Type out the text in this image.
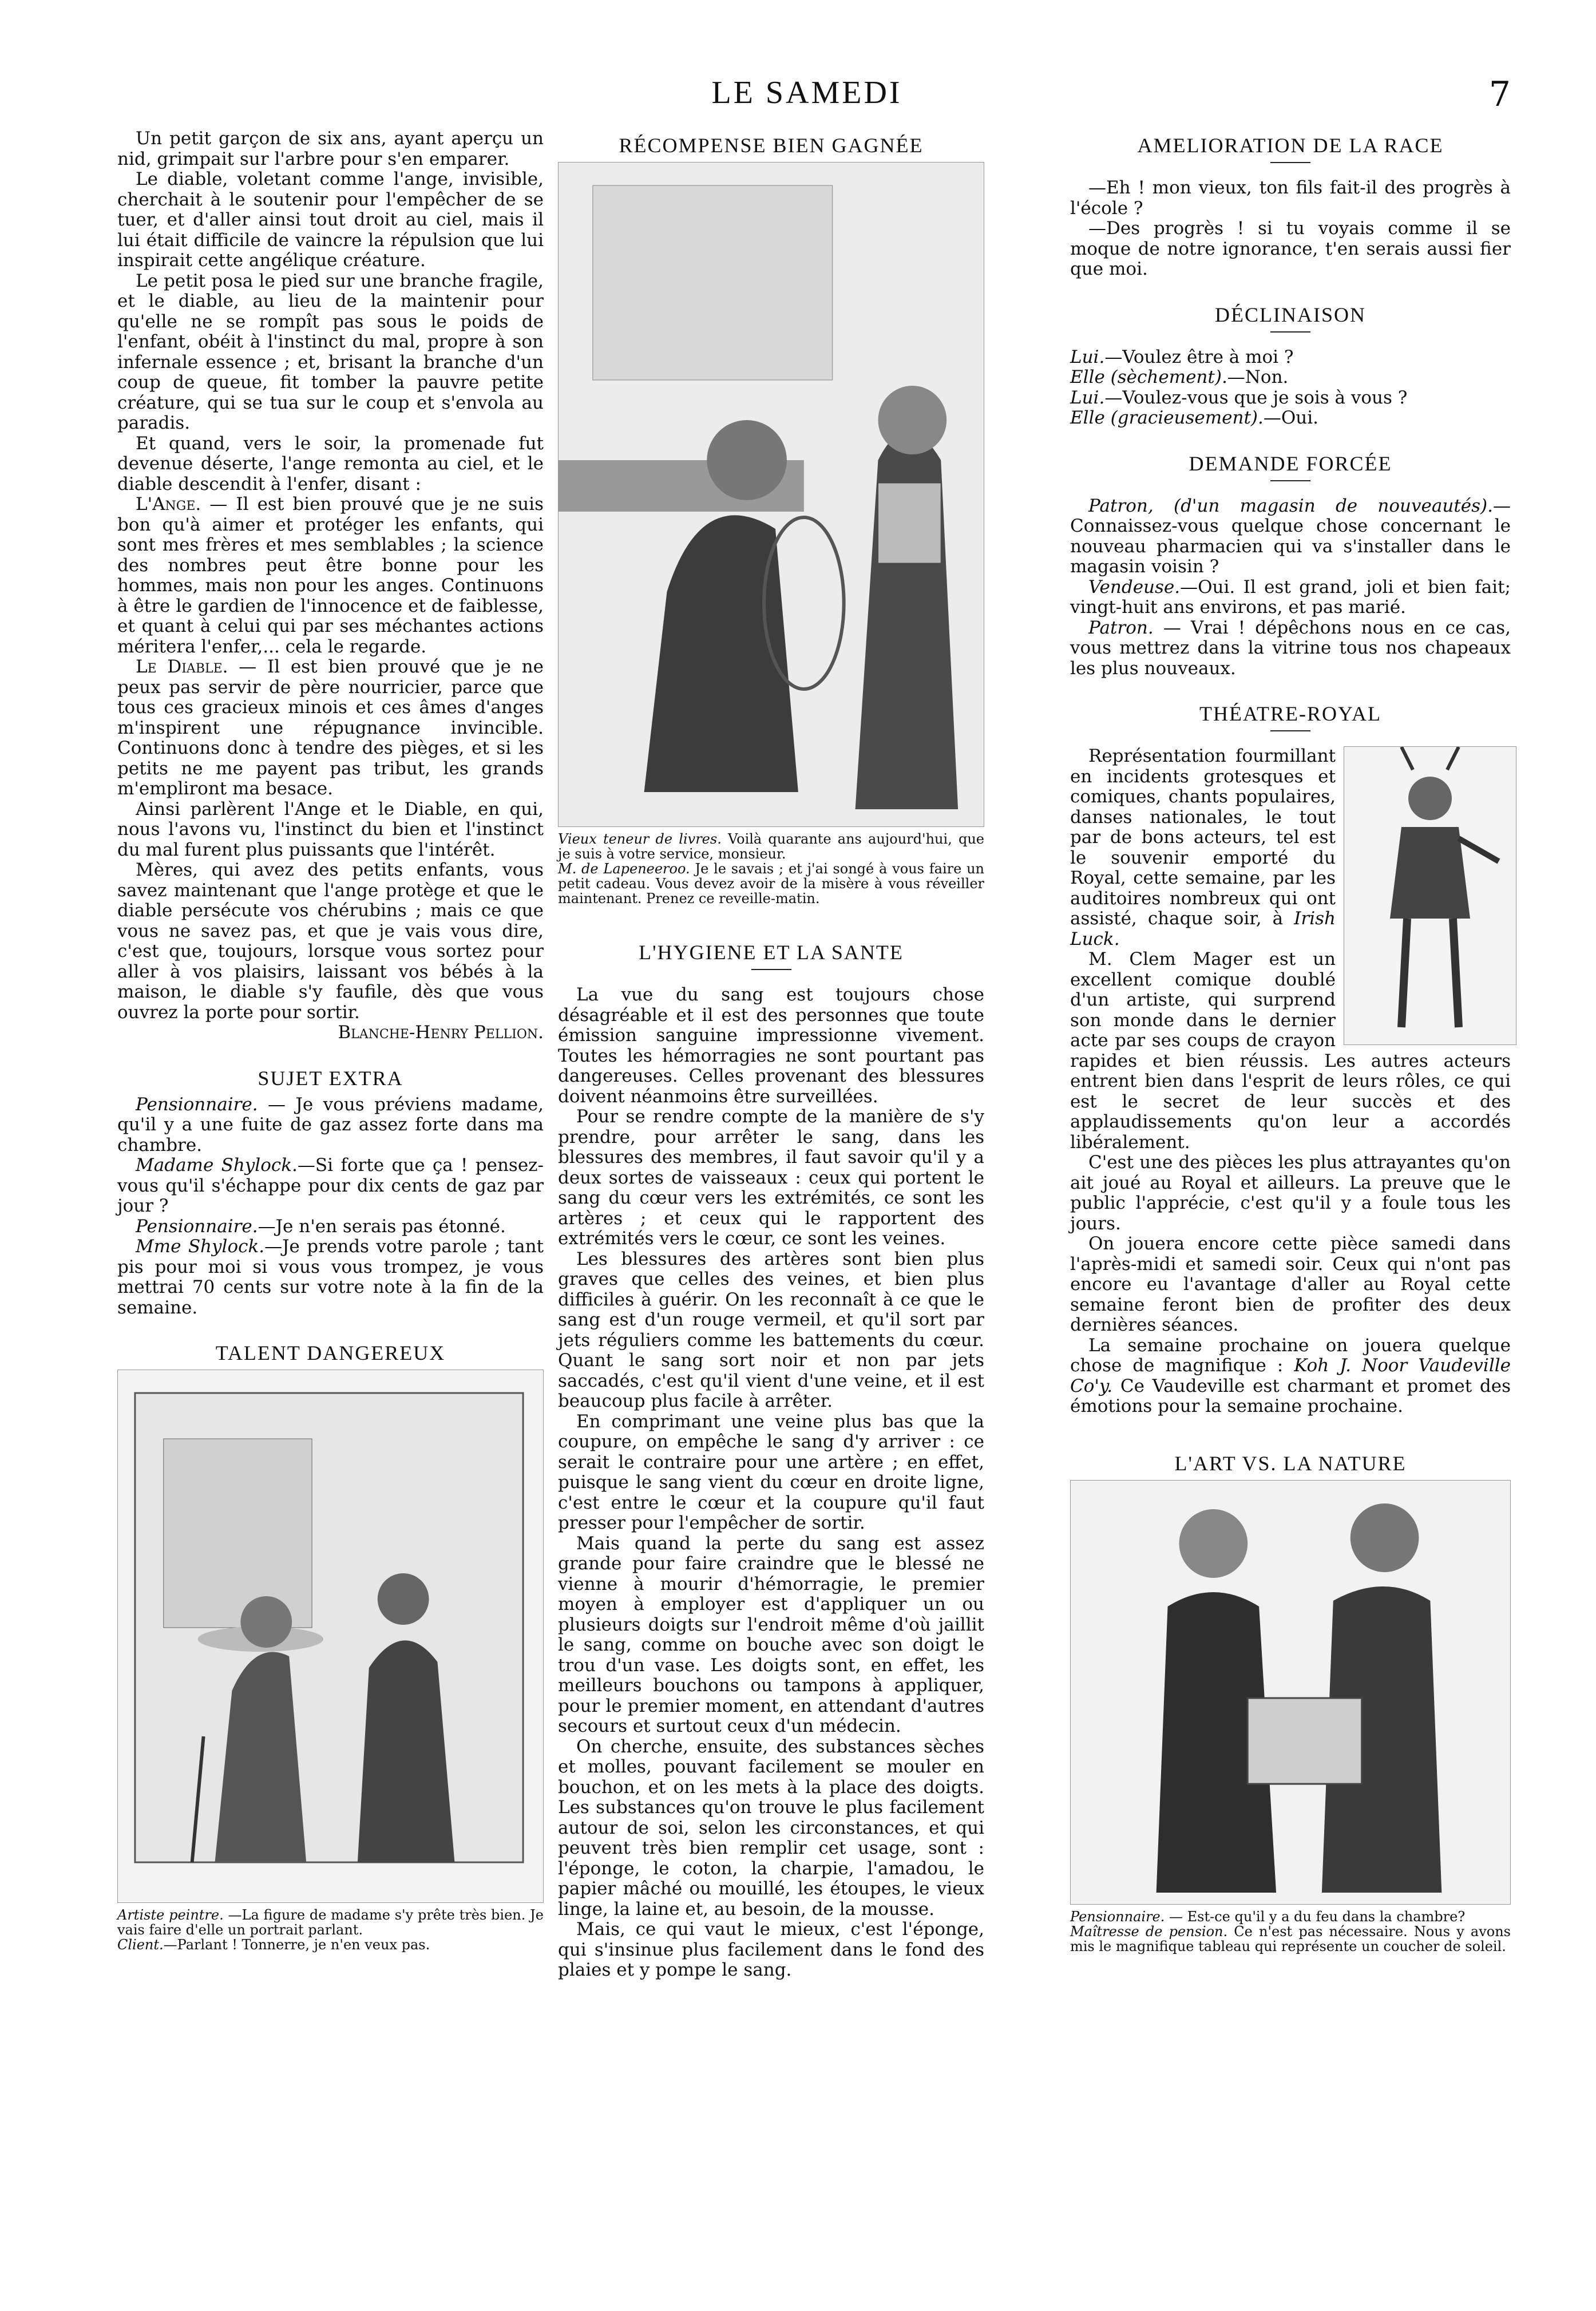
LE SAMEDI	7

Un petit garçon de six ans, ayant aperçu un nid, grimpait sur l'arbre pour s'en emparer.

Le diable, voletant comme l'ange, invisible, cherchait à le soutenir pour l'empêcher de se tuer, et d'aller ainsi tout droit au ciel, mais il lui était difficile de vaincre la répulsion que lui inspirait cette angélique créature.

Le petit posa le pied sur une branche fragile, et le diable, au lieu de la maintenir pour qu'elle ne se rompît pas sous le poids de l'enfant, obéit à l'instinct du mal, propre à son infernale essence ; et, brisant la branche d'un coup de queue, fit tomber la pauvre petite créature, qui se tua sur le coup et s'envola au paradis.

Et quand, vers le soir, la promenade fut devenue déserte, l'ange remonta au ciel, et le diable descendit à l'enfer, disant :

L'Ange. — Il est bien prouvé que je ne suis bon qu'à aimer et protéger les enfants, qui sont mes frères et mes semblables ; la science des nombres peut être bonne pour les hommes, mais non pour les anges. Continuons à être le gardien de l'innocence et de faiblesse, et quant à celui qui par ses méchantes actions méritera l'enfer,... cela le regarde.

Le Diable. — Il est bien prouvé que je ne peux pas servir de père nourricier, parce que tous ces gracieux minois et ces âmes d'anges m'inspirent une répugnance invincible. Continuons donc à tendre des pièges, et si les petits ne me payent pas tribut, les grands m'empliront ma besace.

Ainsi parlèrent l'Ange et le Diable, en qui, nous l'avons vu, l'instinct du bien et l'instinct du mal furent plus puissants que l'intérêt.

Mères, qui avez des petits enfants, vous savez maintenant que l'ange protège et que le diable persécute vos chérubins ; mais ce que vous ne savez pas, et que je vais vous dire, c'est que, toujours, lorsque vous sortez pour aller à vos plaisirs, laissant vos bébés à la maison, le diable s'y faufile, dès que vous ouvrez la porte pour sortir.

Blanche-Henry Pellion.

SUJET EXTRA

Pensionnaire. — Je vous préviens madame, qu'il y a une fuite de gaz assez forte dans ma chambre.

Madame Shylock.—Si forte que ça ! pensez-vous qu'il s'échappe pour dix cents de gaz par jour ?

Pensionnaire.—Je n'en serais pas étonné.

Mme Shylock.—Je prends votre parole ; tant pis pour moi si vous vous trompez, je vous mettrai 70 cents sur votre note à la fin de la semaine.

TALENT DANGEREUX

Artiste peintre. —La figure de madame s'y prête très bien. Je vais faire d'elle un portrait parlant.
Client.—Parlant ! Tonnerre, je n'en veux pas.

RÉCOMPENSE BIEN GAGNÉE

Vieux teneur de livres. Voilà quarante ans aujourd'hui, que je suis à votre service, monsieur.
M. de Lapeneeroo. Je le savais ; et j'ai songé à vous faire un petit cadeau. Vous devez avoir de la misère à vous réveiller maintenant. Prenez ce reveille-matin.

L'HYGIENE ET LA SANTE

La vue du sang est toujours chose désagréable et il est des personnes que toute émission sanguine impressionne vivement. Toutes les hémorragies ne sont pourtant pas dangereuses. Celles provenant des blessures doivent néanmoins être surveillées.

Pour se rendre compte de la manière de s'y prendre, pour arrêter le sang, dans les blessures des membres, il faut savoir qu'il y a deux sortes de vaisseaux : ceux qui portent le sang du cœur vers les extrémités, ce sont les artères ; et ceux qui le rapportent des extrémités vers le cœur, ce sont les veines.

Les blessures des artères sont bien plus graves que celles des veines, et bien plus difficiles à guérir. On les reconnaît à ce que le sang est d'un rouge vermeil, et qu'il sort par jets réguliers comme les battements du cœur. Quant le sang sort noir et non par jets saccadés, c'est qu'il vient d'une veine, et il est beaucoup plus facile à arrêter.

En comprimant une veine plus bas que la coupure, on empêche le sang d'y arriver : ce serait le contraire pour une artère ; en effet, puisque le sang vient du cœur en droite ligne, c'est entre le cœur et la coupure qu'il faut presser pour l'empêcher de sortir.

Mais quand la perte du sang est assez grande pour faire craindre que le blessé ne vienne à mourir d'hémorragie, le premier moyen à employer est d'appliquer un ou plusieurs doigts sur l'endroit même d'où jaillit le sang, comme on bouche avec son doigt le trou d'un vase. Les doigts sont, en effet, les meilleurs bouchons ou tampons à appliquer, pour le premier moment, en attendant d'autres secours et surtout ceux d'un médecin.

On cherche, ensuite, des substances sèches et molles, pouvant facilement se mouler en bouchon, et on les mets à la place des doigts. Les substances qu'on trouve le plus facilement autour de soi, selon les circonstances, et qui peuvent très bien remplir cet usage, sont : l'éponge, le coton, la charpie, l'amadou, le papier mâché ou mouillé, les étoupes, le vieux linge, la laine et, au besoin, de la mousse.

Mais, ce qui vaut le mieux, c'est l'éponge, qui s'insinue plus facilement dans le fond des plaies et y pompe le sang.

AMELIORATION DE LA RACE

—Eh ! mon vieux, ton fils fait-il des progrès à l'école ?

—Des progrès ! si tu voyais comme il se moque de notre ignorance, t'en serais aussi fier que moi.

DÉCLINAISON

Lui.—Voulez être à moi ?

Elle (sèchement).—Non.

Lui.—Voulez-vous que je sois à vous ?

Elle (gracieusement).—Oui.

DEMANDE FORCÉE

Patron, (d'un magasin de nouveautés).—Connaissez-vous quelque chose concernant le nouveau pharmacien qui va s'installer dans le magasin voisin ?

Vendeuse.—Oui. Il est grand, joli et bien fait; vingt-huit ans environs, et pas marié.

Patron. — Vrai ! dépêchons nous en ce cas, vous mettrez dans la vitrine tous nos chapeaux les plus nouveaux.

THÉATRE-ROYAL

Représentation fourmillant en incidents grotesques et comiques, chants populaires, danses nationales, le tout par de bons acteurs, tel est le souvenir emporté du Royal, cette semaine, par les auditoires nombreux qui ont assisté, chaque soir, à Irish Luck.

M. Clem Mager est un excellent comique doublé d'un artiste, qui surprend son monde dans le dernier acte par ses coups de crayon rapides et bien réussis. Les autres acteurs entrent bien dans l'esprit de leurs rôles, ce qui est le secret de leur succès et des applaudissements qu'on leur a accordés libéralement.

C'est une des pièces les plus attrayantes qu'on ait joué au Royal et ailleurs. La preuve que le public l'apprécie, c'est qu'il y a foule tous les jours.

On jouera encore cette pièce samedi dans l'après-midi et samedi soir. Ceux qui n'ont pas encore eu l'avantage d'aller au Royal cette semaine feront bien de profiter des deux dernières séances.

La semaine prochaine on jouera quelque chose de magnifique : Koh J. Noor Vaudeville Co'y. Ce Vaudeville est charmant et promet des émotions pour la semaine prochaine.

L'ART VS. LA NATURE

Pensionnaire. — Est-ce qu'il y a du feu dans la chambre?
Maîtresse de pension. Ce n'est pas nécessaire. Nous y avons mis le magnifique tableau qui représente un coucher de soleil.
